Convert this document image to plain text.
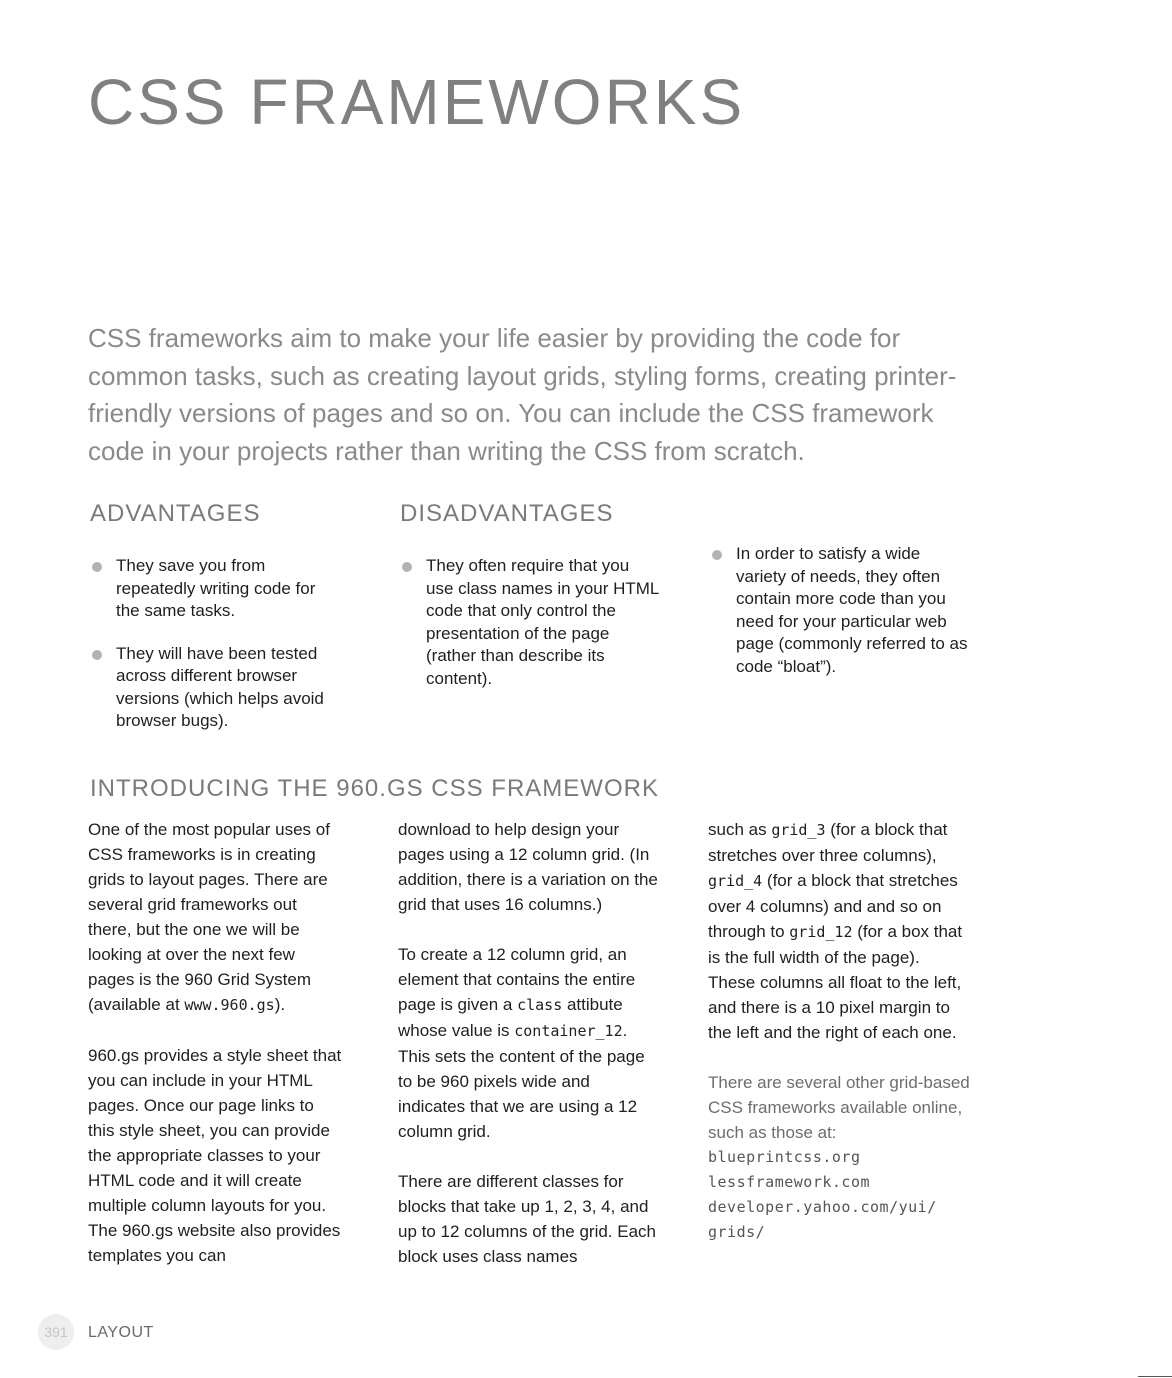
CSS FRAMEWORKS

CSS frameworks aim to make your life easier by providing the code for common tasks, such as creating layout grids, styling forms, creating printer-friendly versions of pages and so on. You can include the CSS framework code in your projects rather than writing the CSS from scratch.

ADVANTAGES
They save you from repeatedly writing code for the same tasks.
They will have been tested across different browser versions (which helps avoid browser bugs).
DISADVANTAGES
They often require that you use class names in your HTML code that only control the presentation of the page (rather than describe its content).
In order to satisfy a wide variety of needs, they often contain more code than you need for your particular web page (commonly referred to as code “bloat”).
INTRODUCING THE 960.GS CSS FRAMEWORK

One of the most popular uses of CSS frameworks is in creating grids to layout pages. There are several grid frameworks out there, but the one we will be looking at over the next few pages is the 960 Grid System (available at www.960.gs).

960.gs provides a style sheet that you can include in your HTML pages. Once our page links to this style sheet, you can provide the appropriate classes to your HTML code and it will create multiple column layouts for you. The 960.gs website also provides templates you can

download to help design your pages using a 12 column grid. (In addition, there is a variation on the grid that uses 16 columns.)

To create a 12 column grid, an element that contains the entire page is given a class attibute whose value is container_12. This sets the content of the page to be 960 pixels wide and indicates that we are using a 12 column grid.

There are different classes for blocks that take up 1, 2, 3, 4, and up to 12 columns of the grid. Each block uses class names

such as grid_3 (for a block that stretches over three columns), grid_4 (for a block that stretches over 4 columns) and and so on through to grid_12 (for a box that is the full width of the page). These columns all float to the left, and there is a 10 pixel margin to the left and the right of each one.

There are several other grid-based CSS frameworks available online, such as those at:

blueprintcss.org
lessframework.com
developer.yahoo.com/yui/
grids/
391	LAYOUT
